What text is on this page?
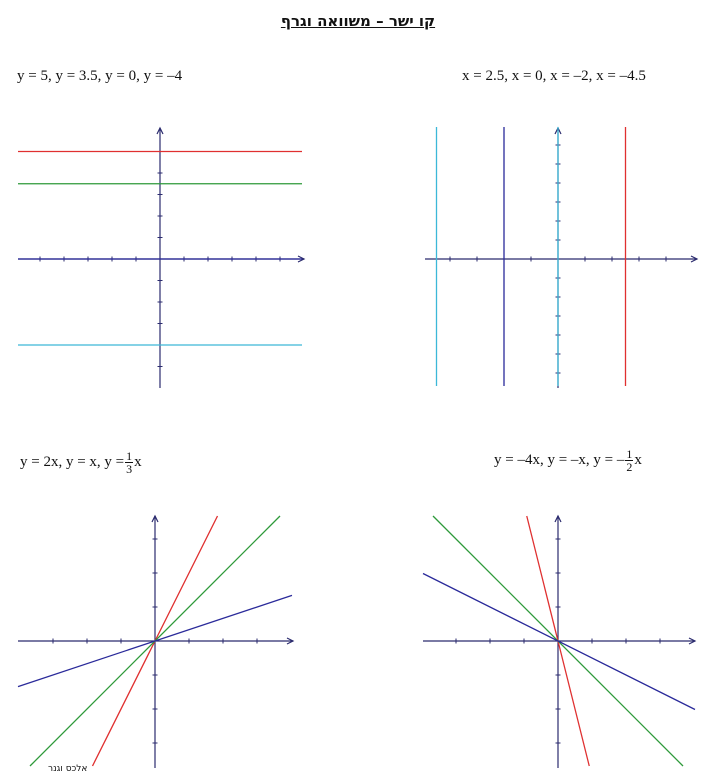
קו ישר – משוואה וגרף
y = 5, y = 3.5, y = 0, y = –4	x = 2.5, x = 0, x = –2, x = –4.5
y = 2x, y = x, $y = \frac{1}{3}$ x	y = –4x, y = –x, y = – $\frac{1}{2}$ x
אלכס וגנר
